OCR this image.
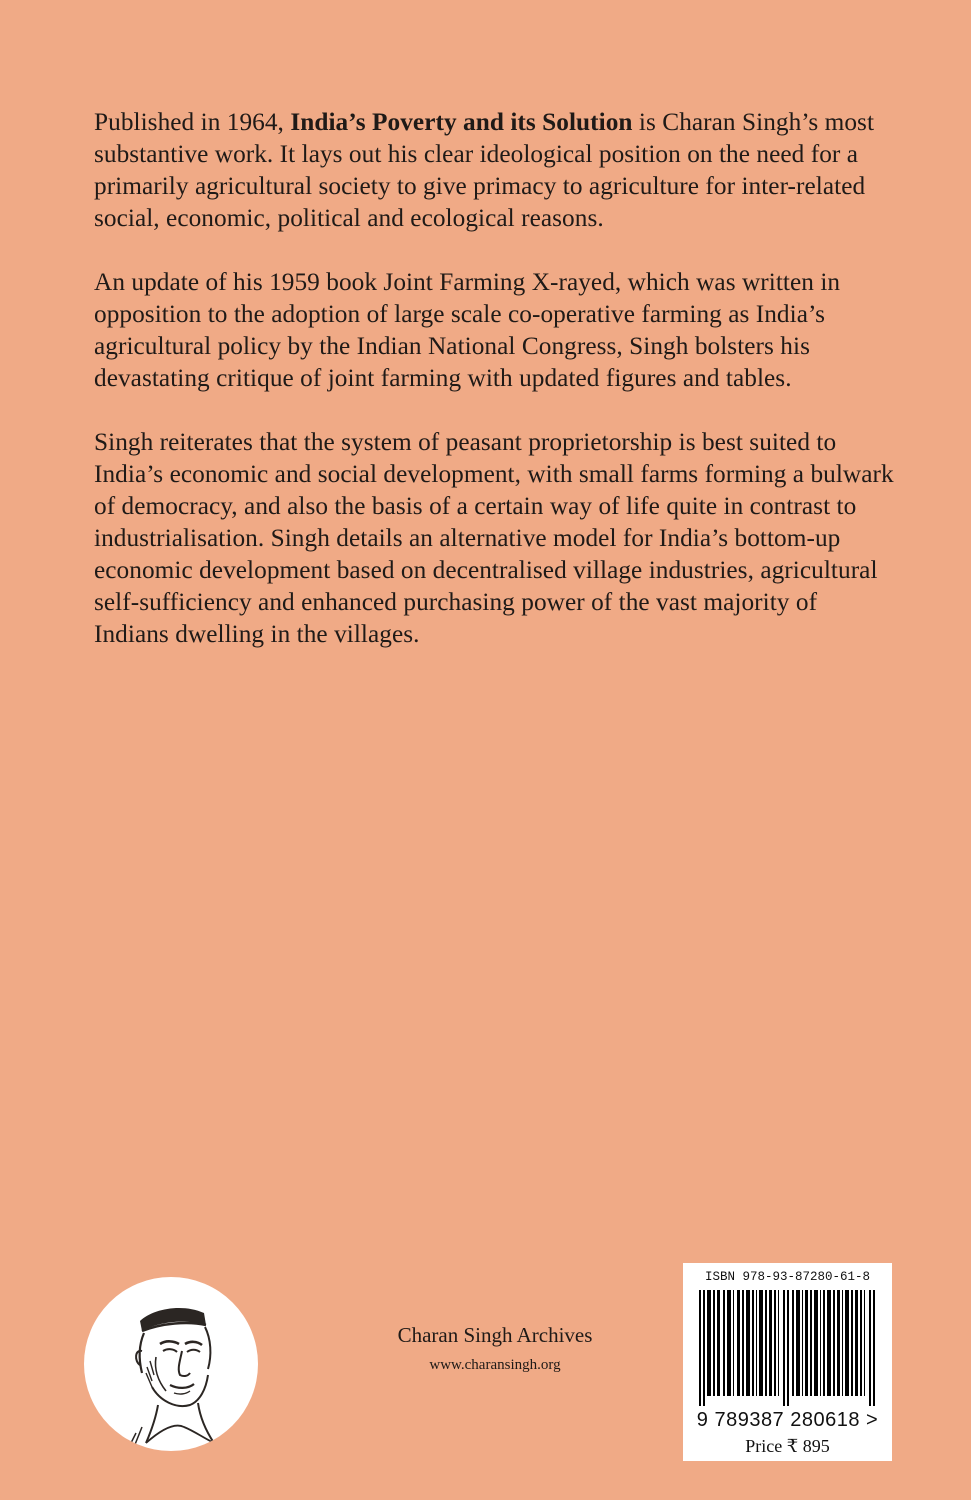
Published in 1964, India’s Poverty and its Solution is Charan Singh’s most substantive work. It lays out his clear ideological position on the need for a primarily agricultural society to give primacy to agriculture for inter-related social, economic, political and ecological reasons.

An update of his 1959 book Joint Farming X-rayed, which was written in opposition to the adoption of large scale co-operative farming as India’s agricultural policy by the Indian National Congress, Singh bolsters his devastating critique of joint farming with updated figures and tables.

Singh reiterates that the system of peasant proprietorship is best suited to India’s economic and social development, with small farms forming a bulwark of democracy, and also the basis of a certain way of life quite in contrast to industrialisation. Singh details an alternative model for India’s bottom-up economic development based on decentralised village industries, agricultural self-sufficiency and enhanced purchasing power of the vast majority of Indians dwelling in the villages.

Charan Singh Archives
www.charansingh.org
ISBN 978-93-87280-61-8
9 789387 280618 >
Price ₹ 895
